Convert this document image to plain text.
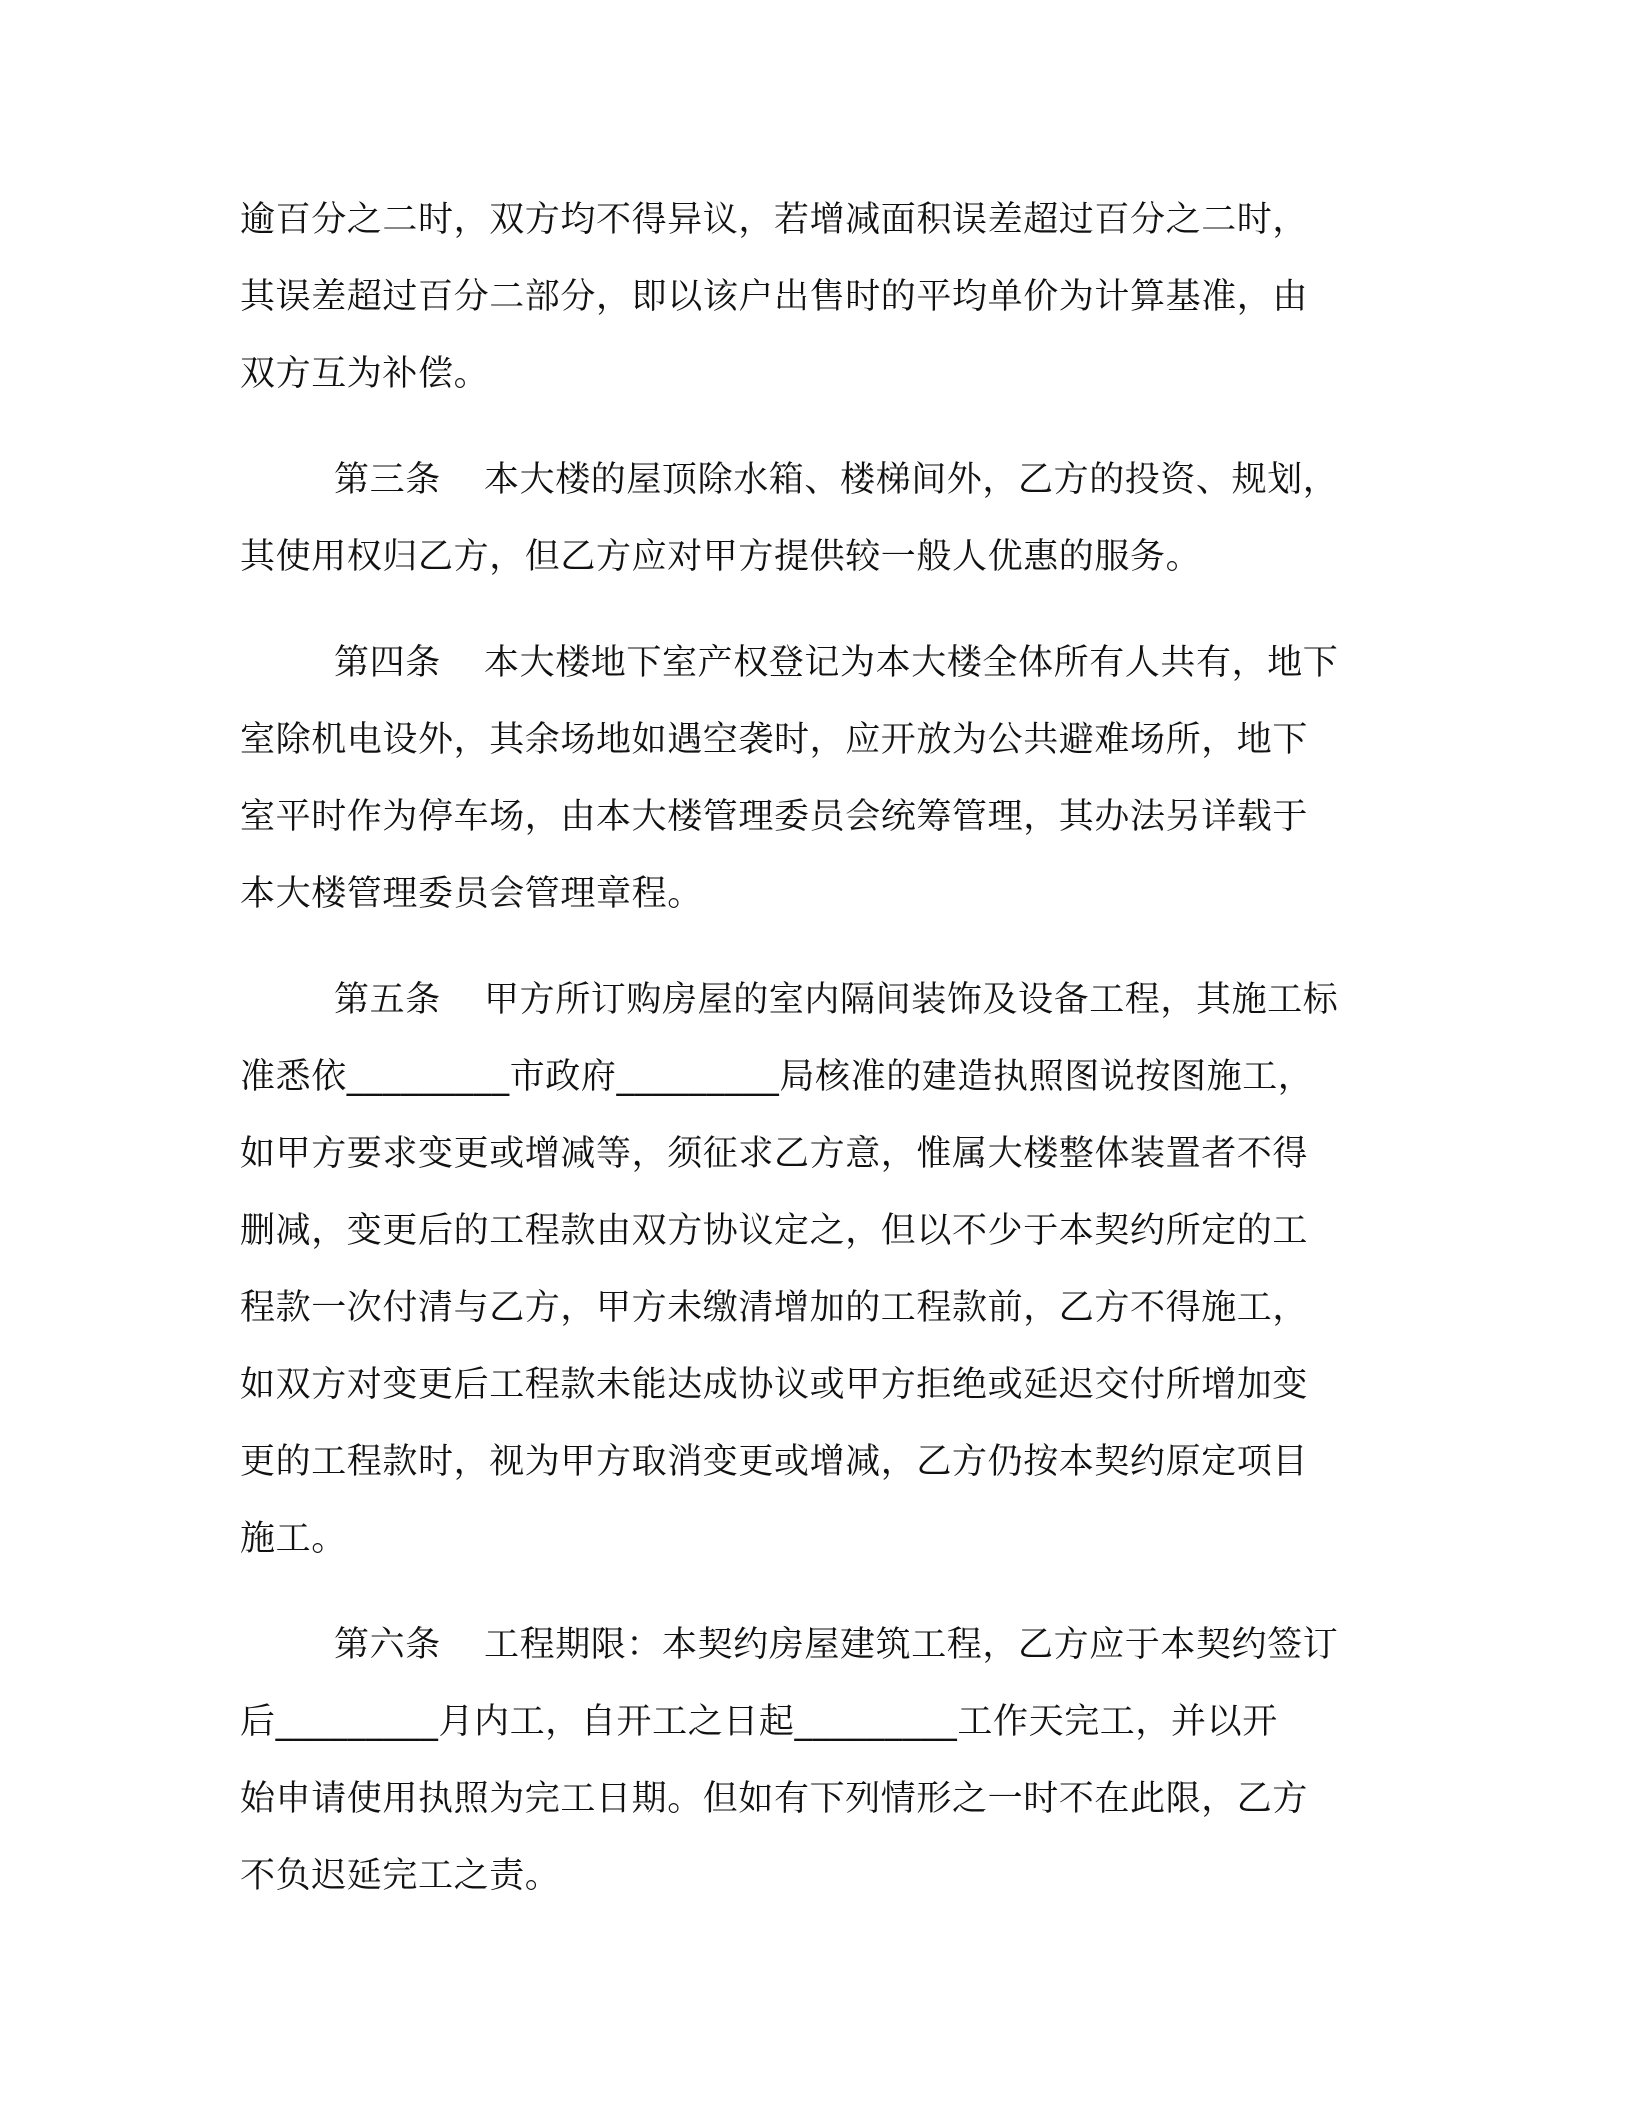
逾百分之二时，双方均不得异议，若增减面积误差超过百分之二时，
其误差超过百分二部分，即以该户出售时的平均单价为计算基准，由
双方互为补偿。
第三条 本大楼的屋顶除水箱、楼梯间外，乙方的投资、规划，
其使用权归乙方，但乙方应对甲方提供较一般人优惠的服务。
第四条 本大楼地下室产权登记为本大楼全体所有人共有，地下
室除机电设外，其余场地如遇空袭时，应开放为公共避难场所，地下
室平时作为停车场，由本大楼管理委员会统筹管理，其办法另详载于
本大楼管理委员会管理章程。
第五条 甲方所订购房屋的室内隔间装饰及设备工程，其施工标
准悉依_________市政府_________局核准的建造执照图说按图施工，
如甲方要求变更或增减等，须征求乙方意，惟属大楼整体装置者不得
删减，变更后的工程款由双方协议定之，但以不少于本契约所定的工
程款一次付清与乙方，甲方未缴清增加的工程款前，乙方不得施工，
如双方对变更后工程款未能达成协议或甲方拒绝或延迟交付所增加变
更的工程款时，视为甲方取消变更或增减，乙方仍按本契约原定项目
施工。
第六条 工程期限：本契约房屋建筑工程，乙方应于本契约签订
后_________月内工，自开工之日起_________工作天完工，并以开
始申请使用执照为完工日期。但如有下列情形之一时不在此限，乙方
不负迟延完工之责。
